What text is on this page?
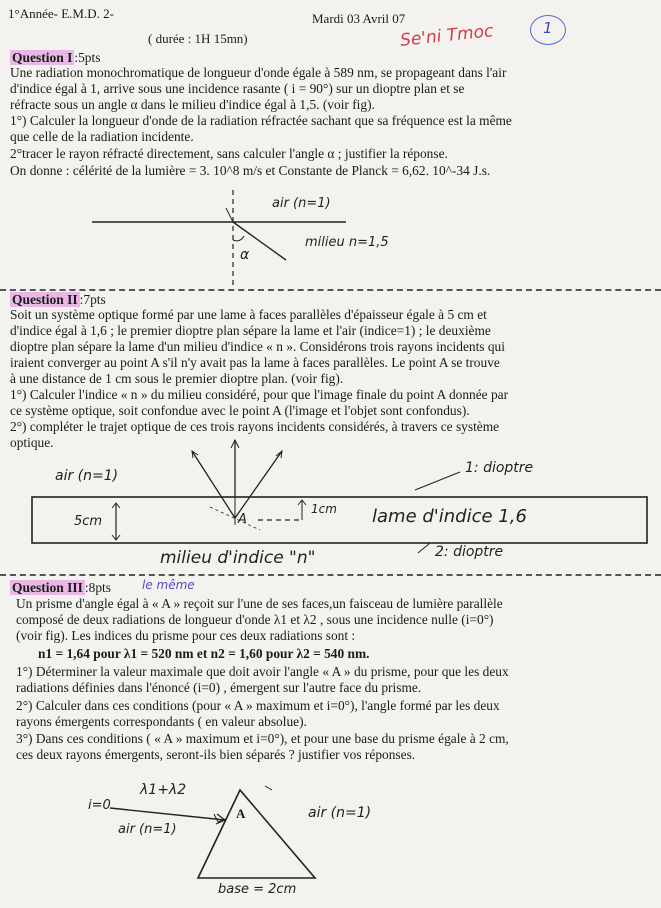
1°Année- E.M.D. 2-	Mardi 03 Avril 07
( durée : 1H 15mn)	Se'ni Tmoc	1
Question I :5pts
Une radiation monochromatique de longueur d'onde égale à 589 nm, se propageant dans l'air
d'indice égal à 1, arrive sous une incidence rasante ( i = 90°) sur un dioptre plan et se
réfracte sous un angle α dans le milieu d'indice égal à 1,5. (voir fig).
1°) Calculer la longueur d'onde de la radiation réfractée sachant que sa fréquence est la même
que celle de la radiation incidente.
2°tracer le rayon réfracté directement, sans calculer l'angle α ; justifier la réponse.
On donne : célérité de la lumière = 3. 10^8 m/s et Constante de Planck = 6,62. 10^-34 J.s.
air (n=1)
milieu n=1,5
α
Question II :7pts
Soit un système optique formé par une lame à faces parallèles d'épaisseur égale à 5 cm et
d'indice égal à 1,6 ; le premier dioptre plan sépare la lame et l'air (indice=1) ; le deuxième
dioptre plan sépare la lame d'un milieu d'indice « n ». Considérons trois rayons incidents qui
iraient converger au point A s'il n'y avait pas la lame à faces parallèles. Le point A se trouve
à une distance de 1 cm sous le premier dioptre plan. (voir fig).
1°) Calculer l'indice « n » du milieu considéré, pour que l'image finale du point A donnée par
ce système optique, soit confondue avec le point A (l'image et l'objet sont confondus).
2°) compléter le trajet optique de ces trois rayons incidents considérés, à travers ce système
optique.
air (n=1)	1: dioptre
5cm
1cm
A	lame d'indice 1,6
milieu d'indice "n"	2: dioptre
Question III :8pts	le même
Un prisme d'angle égal à « A » reçoit sur l'une de ses faces,un faisceau de lumière parallèle
composé de deux radiations de longueur d'onde λ1 et λ2 , sous une incidence nulle (i=0°)
(voir fig). Les indices du prisme pour ces deux radiations sont :
n1 = 1,64 pour λ1 = 520 nm et n2 = 1,60 pour λ2 = 540 nm.
1°) Déterminer la valeur maximale que doit avoir l'angle « A » du prisme, pour que les deux
radiations définies dans l'énoncé (i=0) , émergent sur l'autre face du prisme.
2°) Calculer dans ces conditions (pour « A » maximum et i=0°), l'angle formé par les deux
rayons émergents correspondants ( en valeur absolue).
3°) Dans ces conditions ( « A » maximum et i=0°), et pour une base du prisme égale à 2 cm,
ces deux rayons émergents, seront-ils bien séparés ? justifier vos réponses.
λ1+λ2
i=0
air (n=1)
air (n=1)
A
base = 2cm
